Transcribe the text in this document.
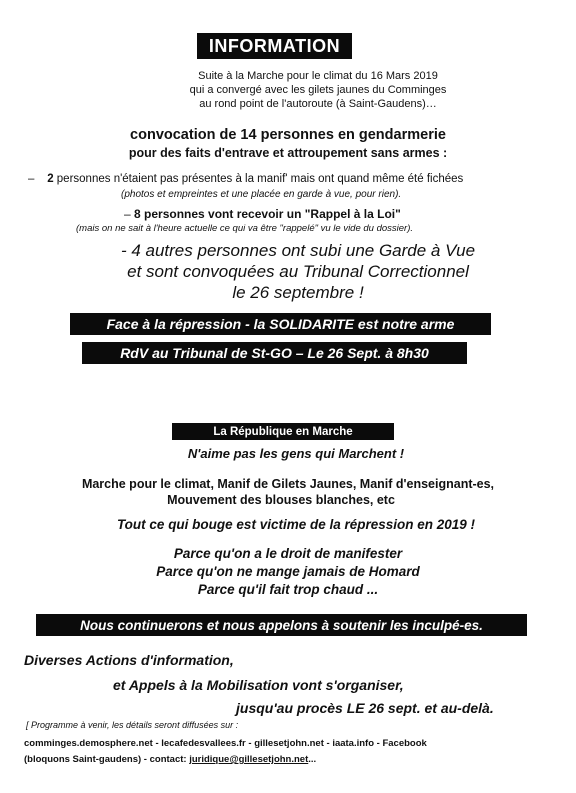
INFORMATION
Suite à la Marche pour le climat du 16 Mars 2019
qui a convergé avec les gilets jaunes du Comminges
au rond point de l'autoroute (à Saint-Gaudens)…
convocation de 14 personnes en gendarmerie
pour des faits d'entrave et attroupement sans armes :
– 2 personnes n'étaient pas présentes à la manif' mais ont quand même été fichées
(photos et empreintes et une placée en garde à vue, pour rien).
– 8 personnes vont recevoir un "Rappel à la Loi"
(mais on ne sait à l'heure actuelle ce qui va être "rappelé" vu le vide du dossier).
- 4 autres personnes ont subi une Garde à Vue
et sont convoquées au Tribunal Correctionnel
le 26 septembre !
Face à la répression - la SOLIDARITE est notre arme
RdV au Tribunal de St-GO – Le 26 Sept. à 8h30
La République en Marche
N'aime pas les gens qui Marchent !
Marche pour le climat, Manif de Gilets Jaunes, Manif d'enseignant-es,
Mouvement des blouses blanches, etc
Tout ce qui bouge est victime de la répression en 2019 !
Parce qu'on a le droit de manifester
Parce qu'on ne mange jamais de Homard
Parce qu'il fait trop chaud ...
Nous continuerons et nous appelons à soutenir les inculpé-es.
Diverses Actions d'information,
et Appels à la Mobilisation vont s'organiser,
jusqu'au procès LE 26 sept. et au-delà.
[ Programme à venir, les détails seront diffusées sur :
comminges.demosphere.net - lecafedesvallees.fr - gillesetjohn.net - iaata.info - Facebook
(bloquons Saint-gaudens) - contact: juridique@gillesetjohn.net...
